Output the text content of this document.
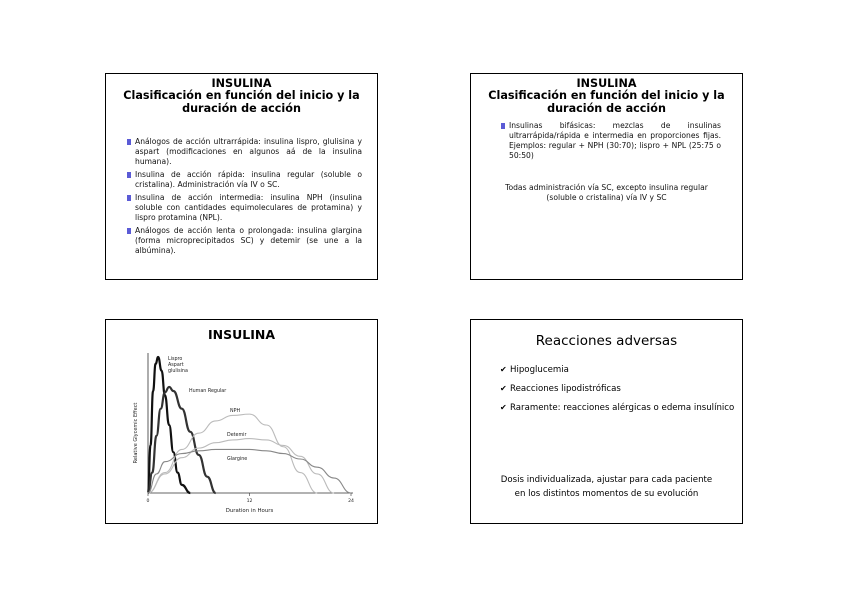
INSULINA
Clasificación en función del inicio y la
duración de acción
Análogos de acción ultrarrápida: insulina lispro, glulisina y aspart (modificaciones en algunos aá de la insulina humana).
Insulina de acción rápida: insulina regular (soluble o cristalina). Administración vía IV o SC.
Insulina de acción intermedia: insulina NPH (insulina soluble con cantidades equimoleculares de protamina) y lispro protamina (NPL).
Análogos de acción lenta o prolongada: insulina glargina (forma microprecipitados SC) y detemir (se une a la albúmina).
INSULINA
Clasificación en función del inicio y la
duración de acción
Insulinas bifásicas: mezclas de insulinas ultrarrápida/rápida e intermedia en proporciones fijas. Ejemplos: regular + NPH (30:70); lispro + NPL (25:75 o 50:50)
Todas administración vía SC, excepto insulina regular
(soluble o cristalina) vía IV y SC
INSULINA
0	12	24
Duration in Hours
Relative Glycemic Effect
Lispro
Aspart
glulisina
Human Regular
NPH
Detemir
Glargine
Reacciones adversas
✔ Hipoglucemia
✔ Reacciones lipodistróficas
✔ Raramente: reacciones alérgicas o edema insulínico
Dosis individualizada, ajustar para cada paciente
en los distintos momentos de su evolución
